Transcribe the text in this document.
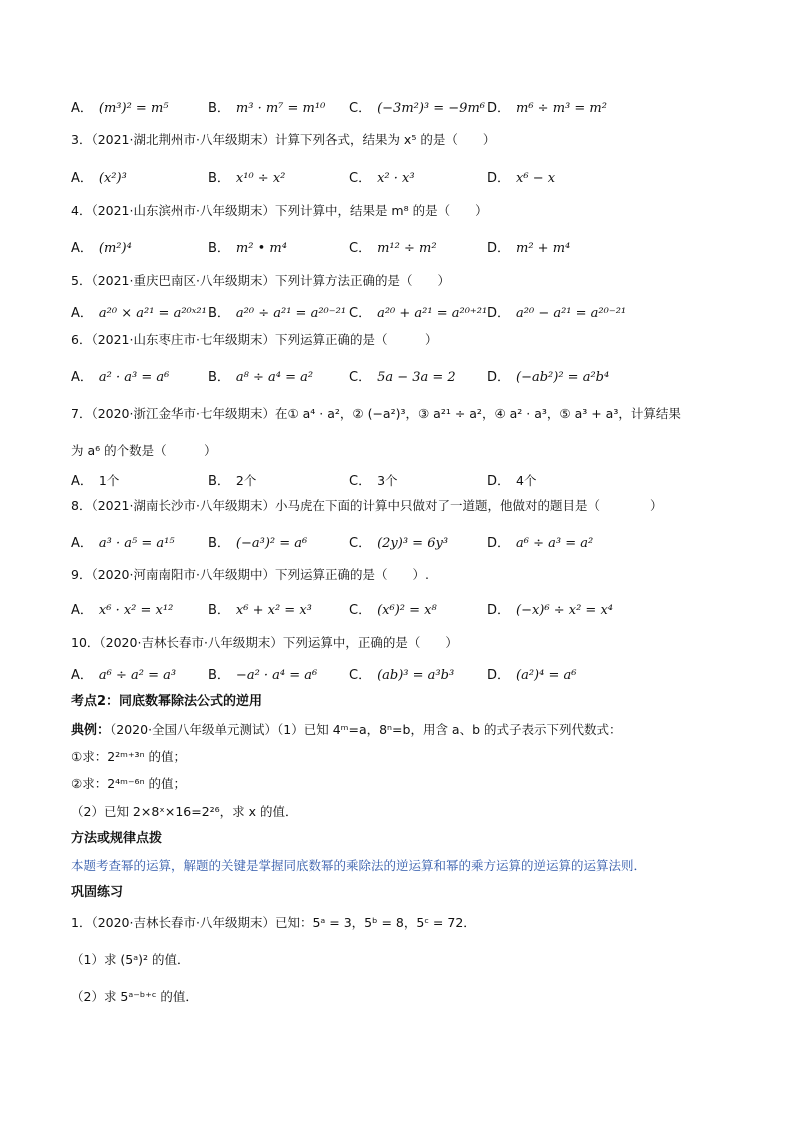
A． (m³)² = m⁵	B． m³ · m⁷ = m¹⁰ C． (−3m²)³ = −9m⁶ D． m⁶ ÷ m³ = m²
3．（2021·湖北荆州市·八年级期末）计算下列各式，结果为 x⁵ 的是（　　）
A． (x²)³	B． x¹⁰ ÷ x²	C． x² · x³	D． x⁶ − x
4．（2021·山东滨州市·八年级期末）下列计算中，结果是 m⁸ 的是（　　）
A． (m²)⁴	B． m² • m⁴	C． m¹² ÷ m²	D． m² + m⁴
5．（2021·重庆巴南区·八年级期末）下列计算方法正确的是（　　）
A． a²⁰ × a²¹ = a²⁰ˣ²¹ B． a²⁰ ÷ a²¹ = a²⁰⁻²¹ C． a²⁰ + a²¹ = a²⁰⁺²¹ D． a²⁰ − a²¹ = a²⁰⁻²¹
6．（2021·山东枣庄市·七年级期末）下列运算正确的是（　　　）
A． a² · a³ = a⁶	B． a⁸ ÷ a⁴ = a²	C． 5a − 3a = 2 D． (−ab²)² = a²b⁴
7．（2020·浙江金华市·七年级期末）在① a⁴ · a²，② (−a²)³，③ a²¹ ÷ a²，④ a² · a³，⑤ a³ + a³，计算结果
为 a⁶ 的个数是（　　　）
A． 1个	B． 2个	C． 3个	D． 4个
8．（2021·湖南长沙市·八年级期末）小马虎在下面的计算中只做对了一道题，他做对的题目是（　　　　）
A． a³ · a⁵ = a¹⁵	B． (−a³)² = a⁶	C． (2y)³ = 6y³	D． a⁶ ÷ a³ = a²
9．（2020·河南南阳市·八年级期中）下列运算正确的是（　　）.
A． x⁶ · x² = x¹²	B． x⁶ + x² = x³	C． (x⁶)² = x⁸	D． (−x)⁶ ÷ x² = x⁴
10．（2020·吉林长春市·八年级期末）下列运算中，正确的是（　　）
A． a⁶ ÷ a² = a³ B． −a² · a⁴ = a⁶ C． (ab)³ = a³b³	D． (a²)⁴ = a⁶
考点2：同底数幂除法公式的逆用
典例：（2020·全国八年级单元测试）（1）已知 4ᵐ=a，8ⁿ=b，用含 a、b 的式子表示下列代数式：
①求：2²ᵐ⁺³ⁿ 的值；
②求：2⁴ᵐ⁻⁶ⁿ 的值；
（2）已知 2×8ˣ×16=2²⁶，求 x 的值．
方法或规律点拨
本题考查幂的运算，解题的关键是掌握同底数幂的乘除法的逆运算和幂的乘方运算的逆运算的运算法则．
巩固练习
1．（2020·吉林长春市·八年级期末）已知：5ᵃ = 3，5ᵇ = 8，5ᶜ = 72．
（1）求 (5ᵃ)² 的值．
（2）求 5ᵃ⁻ᵇ⁺ᶜ 的值．
